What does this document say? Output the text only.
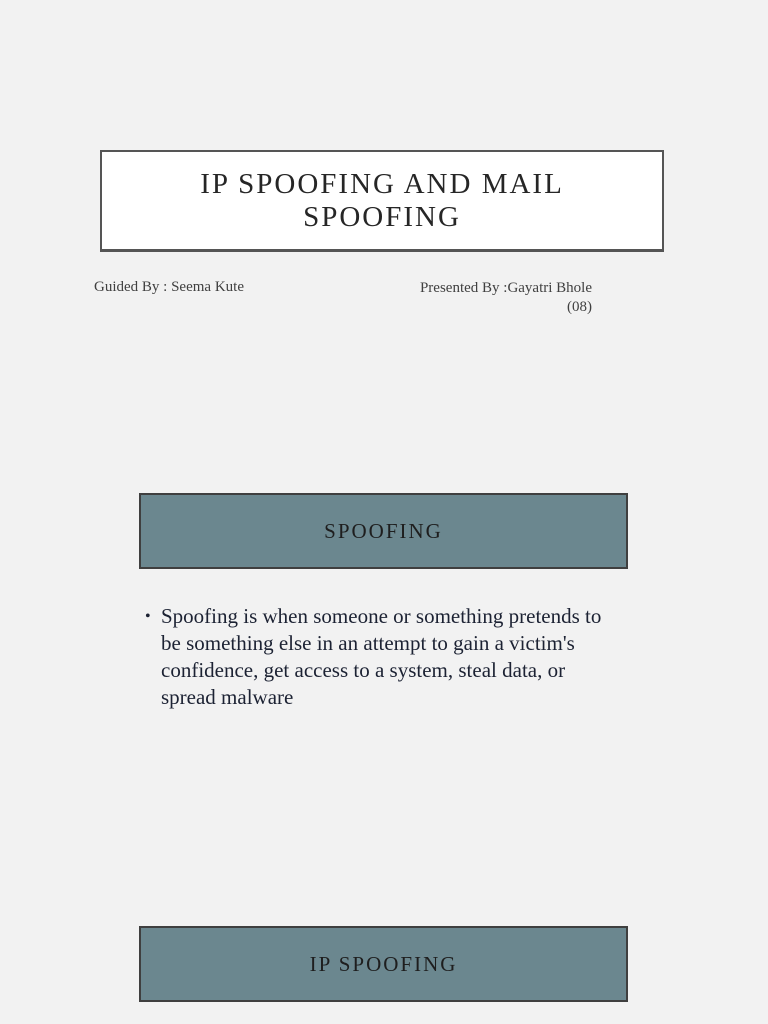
IP SPOOFING AND MAIL SPOOFING
Guided By : Seema Kute	Presented By :Gayatri Bhole
(08)
SPOOFING
• Spoofing is when someone or something pretends to be something else in an attempt to gain a victim's confidence, get access to a system, steal data, or spread malware
IP SPOOFING
